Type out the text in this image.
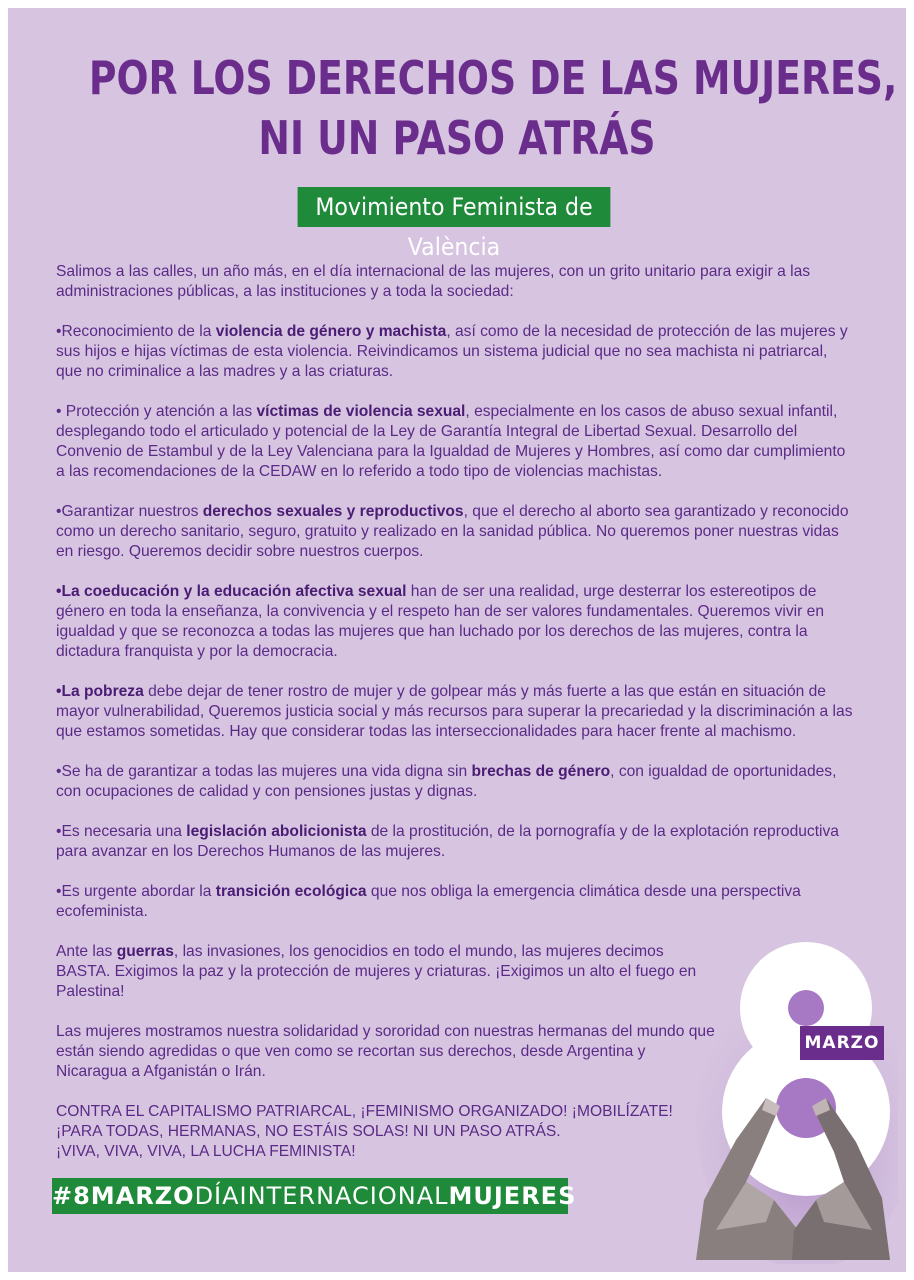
POR LOS DERECHOS DE LAS MUJERES,
NI UN PASO ATRÁS
Movimiento Feminista de València

Salimos a las calles, un año más, en el día internacional de las mujeres, con un grito unitario para exigir a las administraciones públicas, a las instituciones y a toda la sociedad:

•Reconocimiento de la violencia de género y machista, así como de la necesidad de protección de las mujeres y sus hijos e hijas víctimas de esta violencia. Reivindicamos un sistema judicial que no sea machista ni patriarcal, que no criminalice a las madres y a las criaturas.

• Protección y atención a las víctimas de violencia sexual, especialmente en los casos de abuso sexual infantil, desplegando todo el articulado y potencial de la Ley de Garantía Integral de Libertad Sexual. Desarrollo del Convenio de Estambul y de la Ley Valenciana para la Igualdad de Mujeres y Hombres, así como dar cumplimiento a las recomendaciones de la CEDAW en lo referido a todo tipo de violencias machistas.

•Garantizar nuestros derechos sexuales y reproductivos, que el derecho al aborto sea garantizado y reconocido como un derecho sanitario, seguro, gratuito y realizado en la sanidad pública. No queremos poner nuestras vidas en riesgo. Queremos decidir sobre nuestros cuerpos.

•La coeducación y la educación afectiva sexual han de ser una realidad, urge desterrar los estereotipos de género en toda la enseñanza, la convivencia y el respeto han de ser valores fundamentales. Queremos vivir en igualdad y que se reconozca a todas las mujeres que han luchado por los derechos de las mujeres, contra la dictadura franquista y por la democracia.

•La pobreza debe dejar de tener rostro de mujer y de golpear más y más fuerte a las que están en situación de mayor vulnerabilidad, Queremos justicia social y más recursos para superar la precariedad y la discriminación a las que estamos sometidas. Hay que considerar todas las interseccionalidades para hacer frente al machismo.

•Se ha de garantizar a todas las mujeres una vida digna sin brechas de género, con igualdad de oportunidades, con ocupaciones de calidad y con pensiones justas y dignas.

•Es necesaria una legislación abolicionista de la prostitución, de la pornografía y de la explotación reproductiva para avanzar en los Derechos Humanos de las mujeres.

•Es urgente abordar la transición ecológica que nos obliga la emergencia climática desde una perspectiva ecofeminista.

Ante las guerras, las invasiones, los genocidios en todo el mundo, las mujeres decimos BASTA. Exigimos la paz y la protección de mujeres y criaturas. ¡Exigimos un alto el fuego en Palestina!

Las mujeres mostramos nuestra solidaridad y sororidad con nuestras hermanas del mundo que están siendo agredidas o que ven como se recortan sus derechos, desde Argentina y Nicaragua a Afganistán o Irán.

CONTRA EL CAPITALISMO PATRIARCAL, ¡FEMINISMO ORGANIZADO! ¡MOBILÍZATE!
¡PARA TODAS, HERMANAS, NO ESTÁIS SOLAS! NI UN PASO ATRÁS.
¡VIVA, VIVA, VIVA, LA LUCHA FEMINISTA!
#8MARZODÍAINTERNACIONALMUJERES
MARZO
